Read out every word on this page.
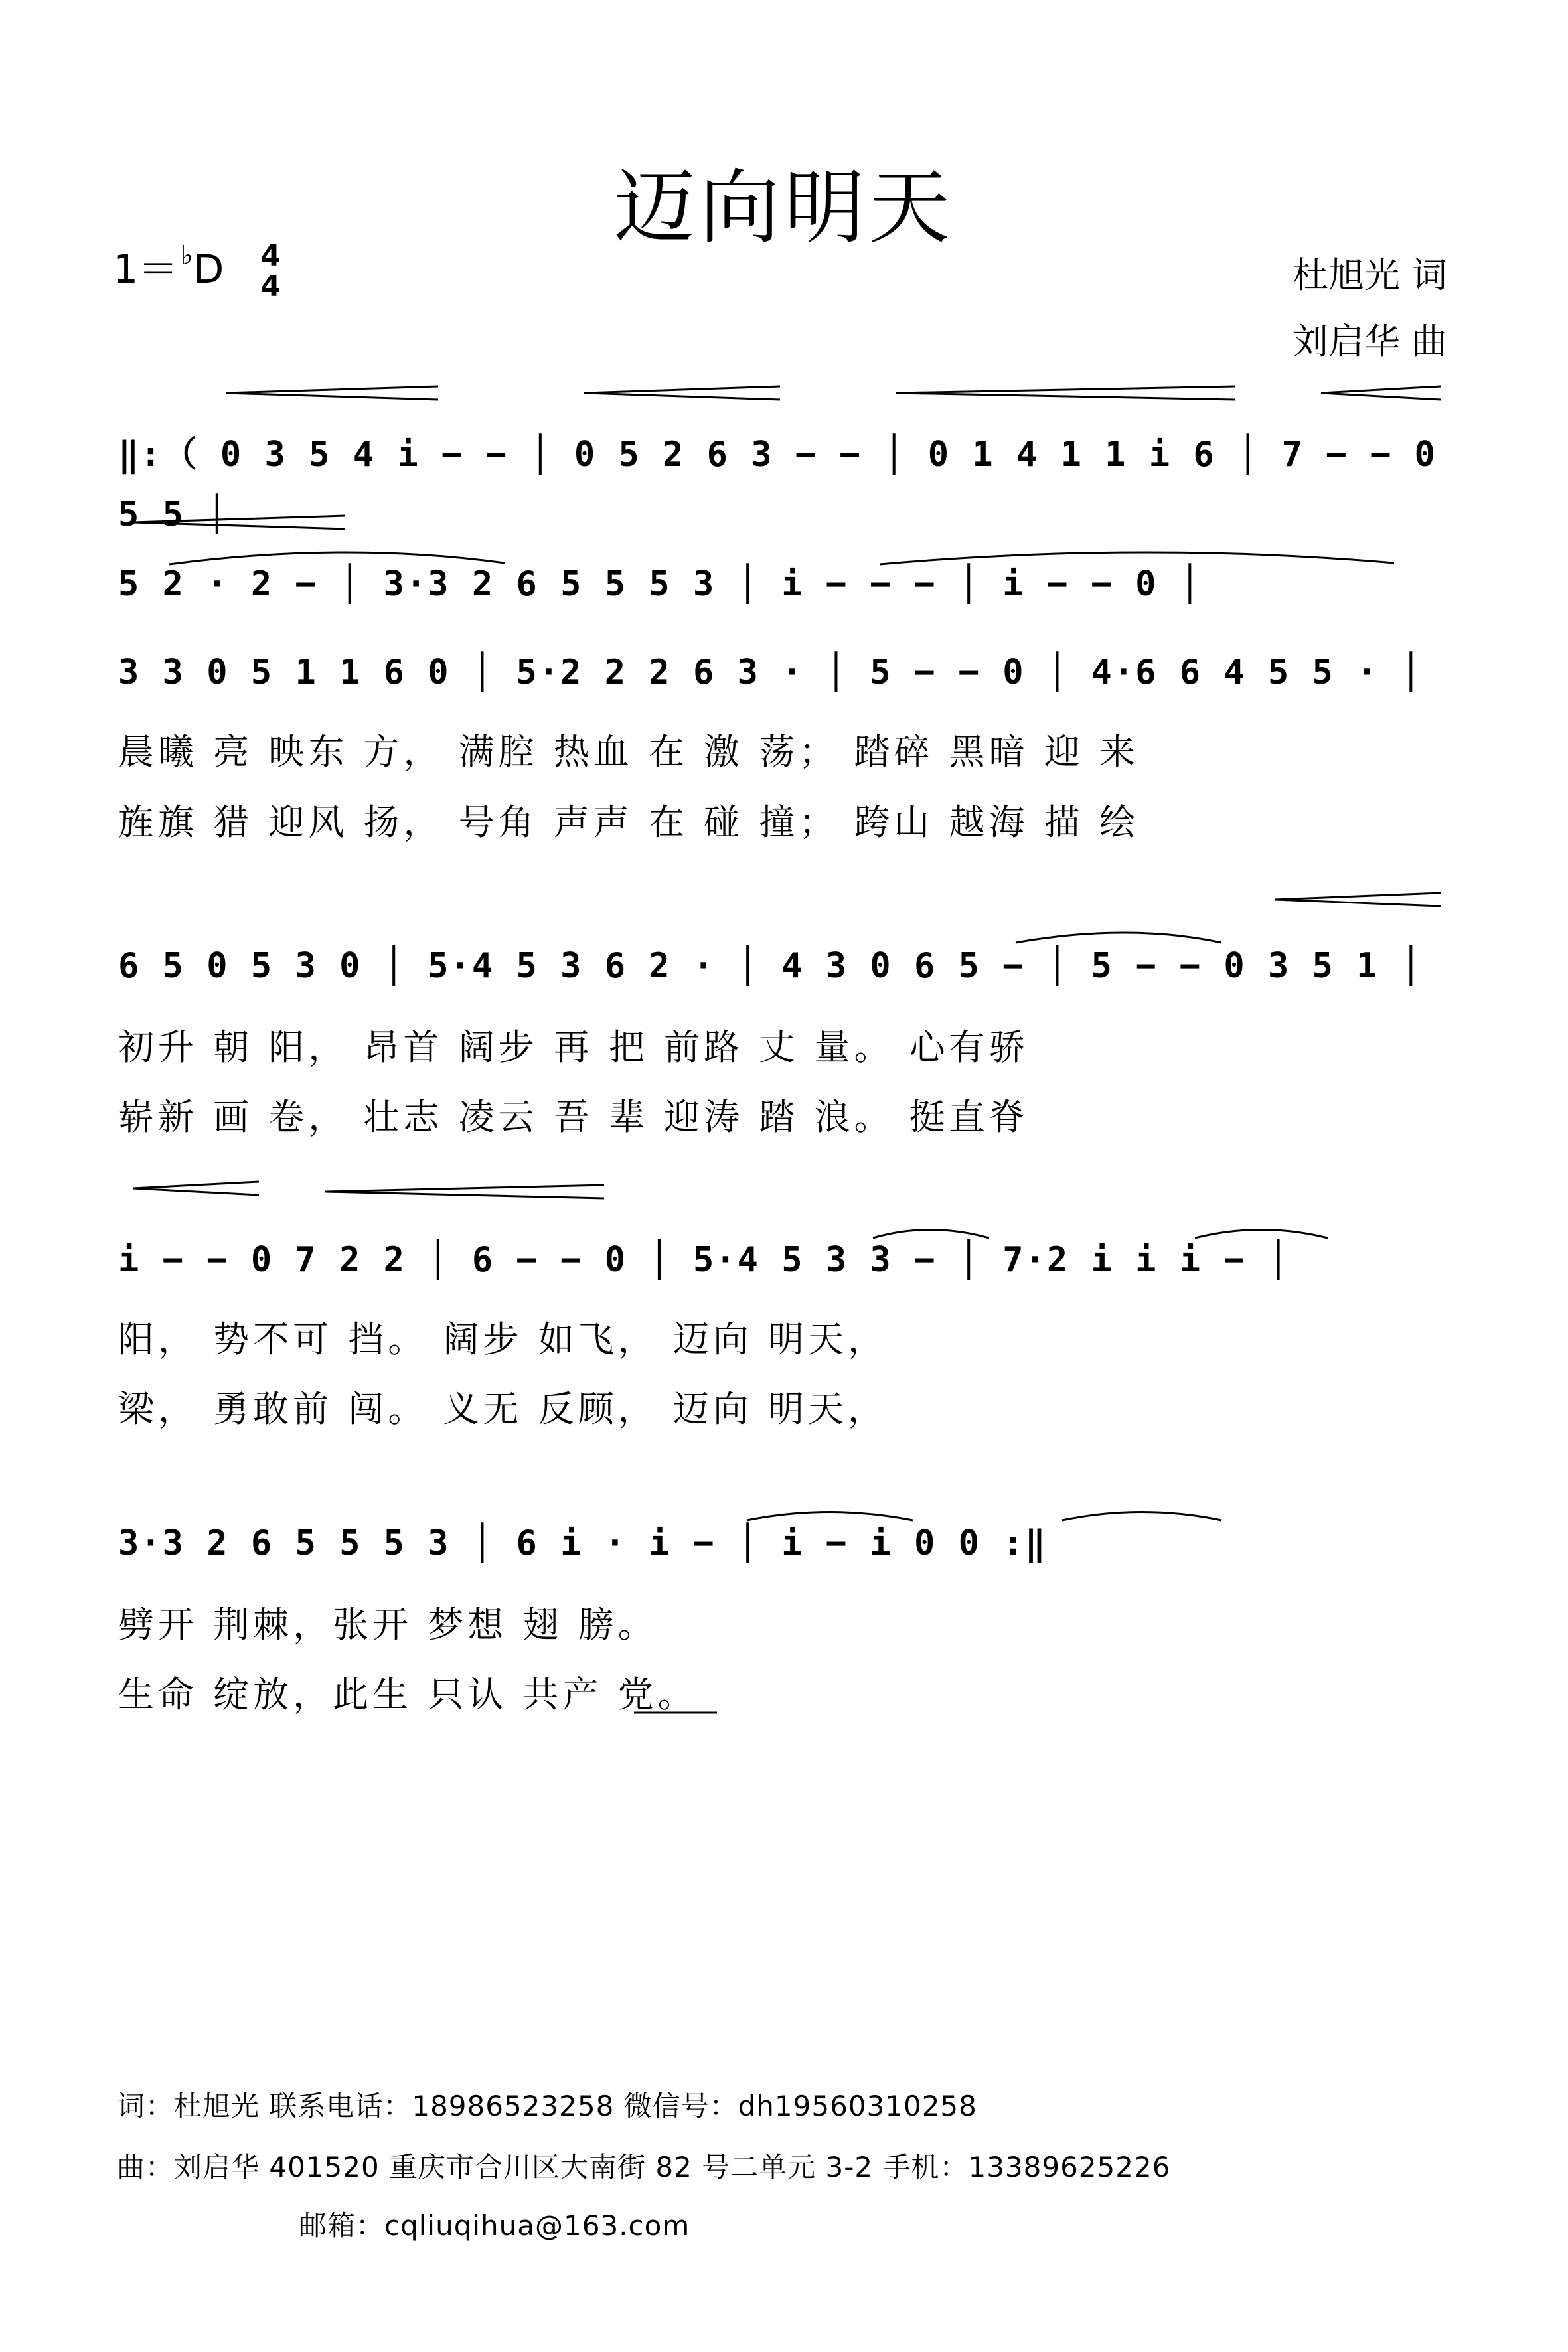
迈向明天
1＝ ♭D 4
4	杜旭光 词
刘启华 曲
‖:（ 0 3 5 4 i − − │ 0 5 2 6 3 − − │ 0 1 4 1 1 i 6 │ 7 − − 0 5 5 │
5 2 · 2 − │ 3·3 2 6 5 5 5 3 │ i − − − │ i − − 0 │
3 3 0 5 1 1 6 0 │ 5·2 2 2 6 3 · │ 5 − − 0 │ 4·6 6 4 5 5 · │
晨曦 亮 映东 方， 满腔 热血 在 激 荡； 踏碎 黑暗 迎 来
旌旗 猎 迎风 扬， 号角 声声 在 碰 撞； 跨山 越海 描 绘
6 5 0 5 3 0 │ 5·4 5 3 6 2 · │ 4 3 0 6 5 − │ 5 − − 0 3 5 1 │
初升 朝 阳， 昂首 阔步 再 把 前路 丈 量。 心有骄
崭新 画 卷， 壮志 凌云 吾 辈 迎涛 踏 浪。 挺直脊
i − − 0 7 2 2 │ 6 − − 0 │ 5·4 5 3 3 − │ 7·2 i i i − │
阳， 势不可 挡。 阔步 如飞， 迈向 明天，
梁， 勇敢前 闯。 义无 反顾， 迈向 明天，
3·3 2 6 5 5 5 3 │ 6 i · i − │ i − i 0 0 :‖
劈开 荆棘，张开 梦想 翅 膀。
生命 绽放，此生 只认 共产 党。
词：杜旭光 联系电话：18986523258 微信号：dh19560310258
曲：刘启华 401520 重庆市合川区大南街 82 号二单元 3-2 手机：13389625226
邮箱：cqliuqihua@163.com
